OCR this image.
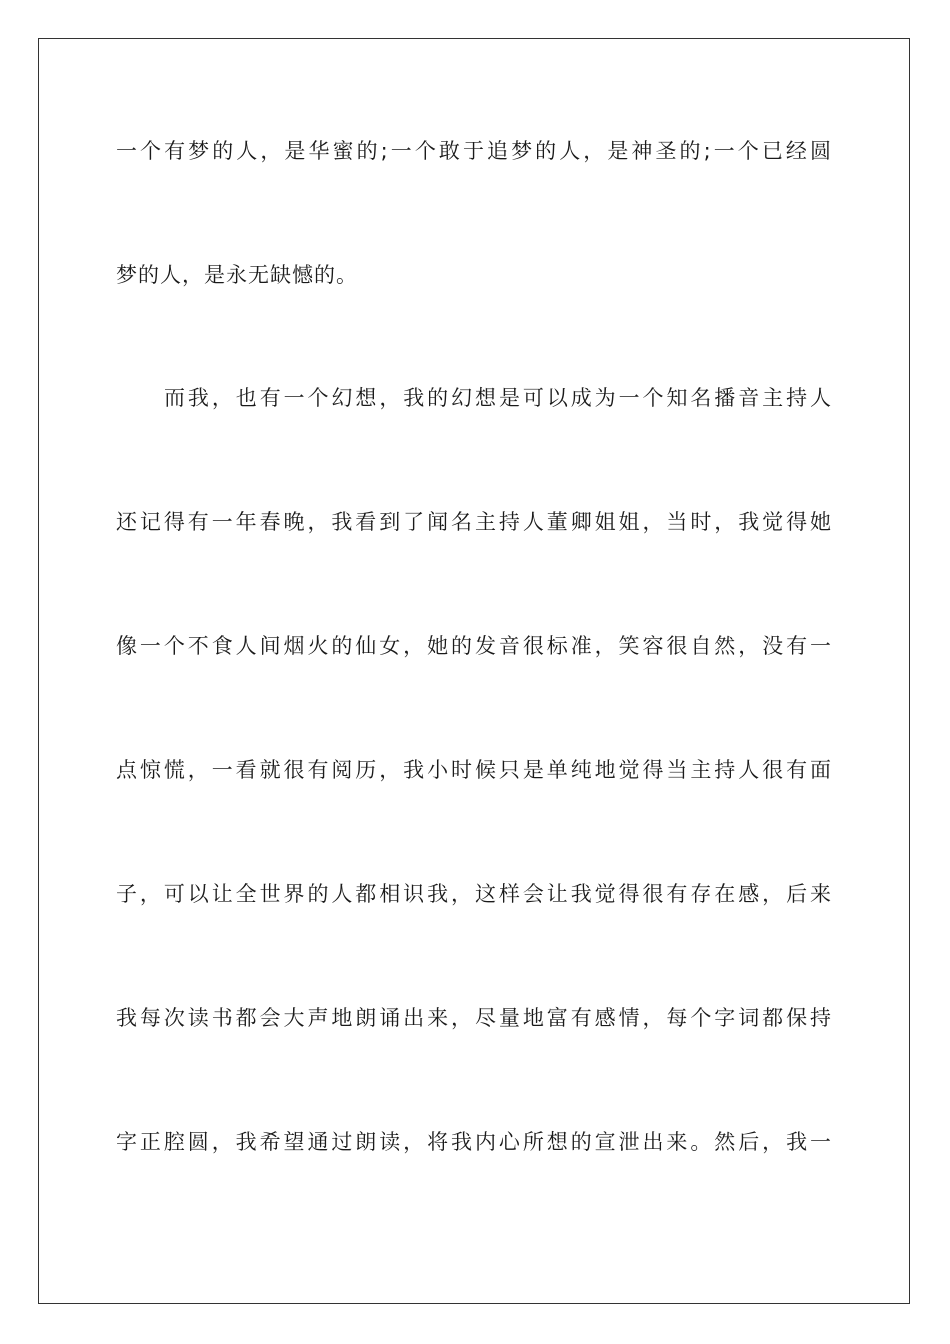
一个有梦的人，是华蜜的;一个敢于追梦的人，是神圣的;一个已经圆
梦的人，是永无缺憾的。
而我，也有一个幻想，我的幻想是可以成为一个知名播音主持人
还记得有一年春晚，我看到了闻名主持人董卿姐姐，当时，我觉得她
像一个不食人间烟火的仙女，她的发音很标准，笑容很自然，没有一
点惊慌，一看就很有阅历，我小时候只是单纯地觉得当主持人很有面
子，可以让全世界的人都相识我，这样会让我觉得很有存在感，后来
我每次读书都会大声地朗诵出来，尽量地富有感情，每个字词都保持
字正腔圆，我希望通过朗读，将我内心所想的宣泄出来。然后，我一
